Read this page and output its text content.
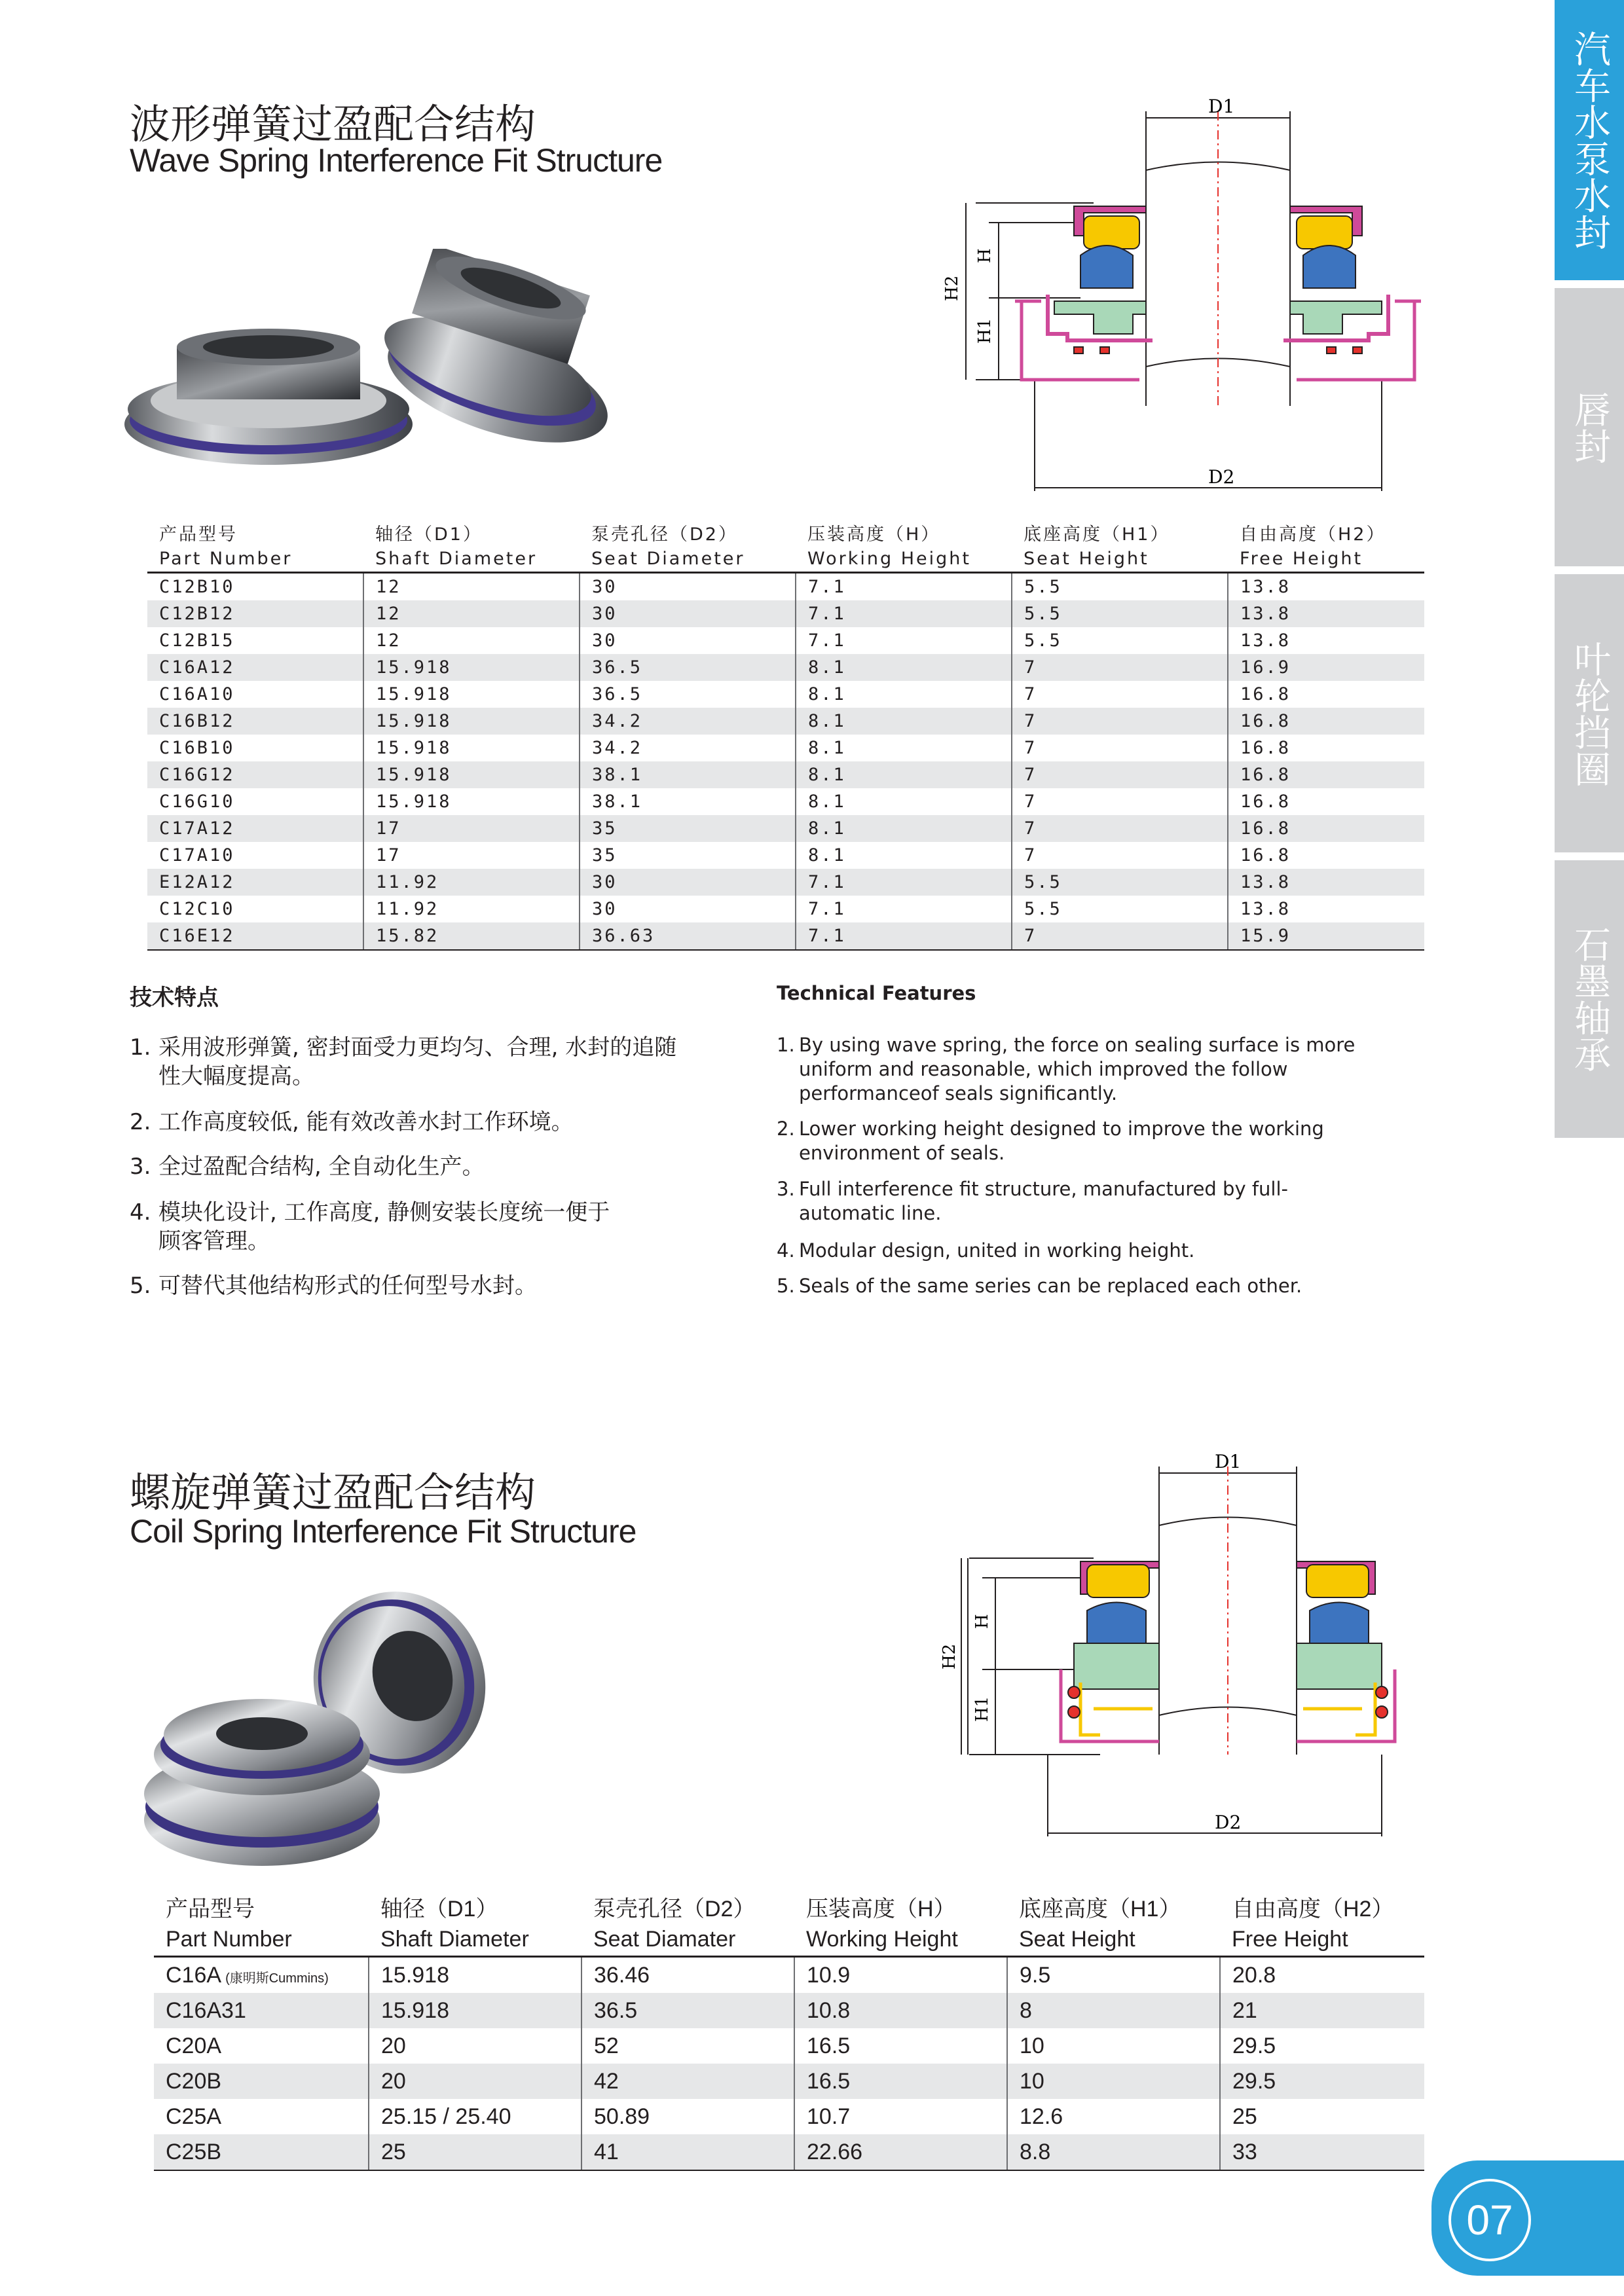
汽车水泵水封
唇封
叶轮挡圈
石墨轴承
波形弹簧过盈配合结构
Wave Spring Interference Fit Structure
D1
D2
H
H1
H2
产品型号	轴径（D1）	泵壳孔径（D2）	压装高度（H）	底座高度（H1）	自由高度（H2）
Part Number	Shaft Diameter	Seat Diameter	Working Height	Seat Height	Free Height
C12B10	12	30	7.1	5.5	13.8
C12B12	12	30	7.1	5.5	13.8
C12B15	12	30	7.1	5.5	13.8
C16A12	15.918	36.5	8.1	7	16.9
C16A10	15.918	36.5	8.1	7	16.8
C16B12	15.918	34.2	8.1	7	16.8
C16B10	15.918	34.2	8.1	7	16.8
C16G12	15.918	38.1	8.1	7	16.8
C16G10	15.918	38.1	8.1	7	16.8
C17A12	17	35	8.1	7	16.8
C17A10	17	35	8.1	7	16.8
E12A12	11.92	30	7.1	5.5	13.8
C12C10	11.92	30	7.1	5.5	13.8
C16E12	15.82	36.63	7.1	7	15.9
技术特点	Technical Features
1. 采用波形弹簧, 密封面受力更均匀、合理, 水封的追随性大幅度提高。
2. 工作高度较低, 能有效改善水封工作环境。
3. 全过盈配合结构, 全自动化生产。
4. 模块化设计, 工作高度, 静侧安装长度统一便于顾客管理。
5. 可替代其他结构形式的任何型号水封。
1. By using wave spring, the force on sealing surface is more uniform and reasonable, which improved the follow performanceof seals significantly.
2. Lower working height designed to improve the working environment of seals.
3. Full interference fit structure, manufactured by full-automatic line.
4. Modular design, united in working height.
5. Seals of the same series can be replaced each other.
螺旋弹簧过盈配合结构
Coil Spring Interference Fit Structure
D1
D2
H
H1
H2
产品型号	轴径（D1）	泵壳孔径（D2）	压装高度（H）	底座高度（H1）	自由高度（H2）
Part Number	Shaft Diameter	Seat Diamater	Working Height	Seat Height	Free Height
C16A (康明斯Cummins)	15.918	36.46	10.9	9.5	20.8
C16A31	15.918	36.5	10.8	8	21
C20A	20	52	16.5	10	29.5
C20B	20	42	16.5	10	29.5
C25A	25.15 / 25.40	50.89	10.7	12.6	25
C25B	25	41	22.66	8.8	33
07
